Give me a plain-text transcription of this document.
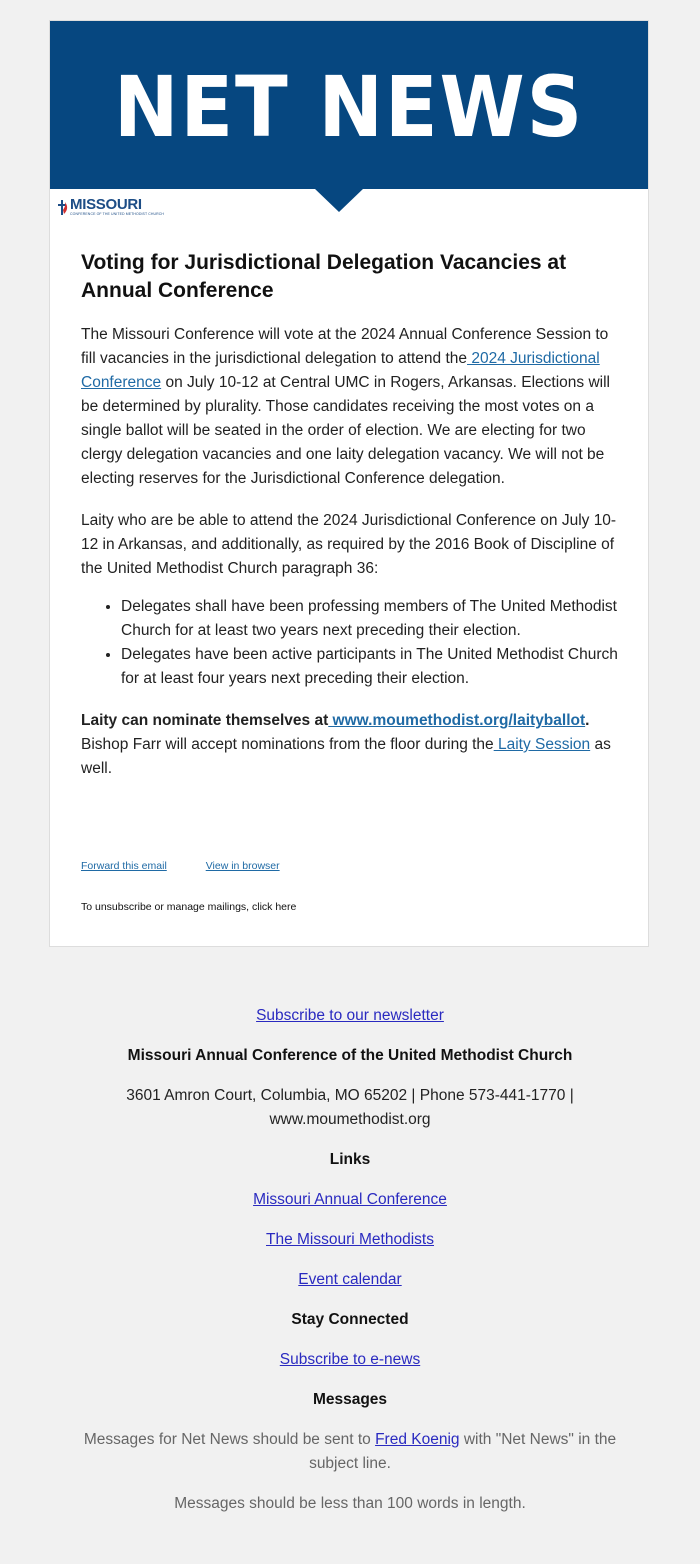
NET NEWS
MISSOURI
CONFERENCE OF THE UNITED METHODIST CHURCH
Voting for Jurisdictional Delegation Vacancies at Annual Conference

The Missouri Conference will vote at the 2024 Annual Conference Session to fill vacancies in the jurisdictional delegation to attend the 2024 Jurisdictional Conference on July 10-12 at Central UMC in Rogers, Arkansas. Elections will be determined by plurality. Those candidates receiving the most votes on a single ballot will be seated in the order of election. We are electing for two clergy delegation vacancies and one laity delegation vacancy. We will not be electing reserves for the Jurisdictional Conference delegation.

Laity who are be able to attend the 2024 Jurisdictional Conference on July 10-12 in Arkansas, and additionally, as required by the 2016 Book of Discipline of the United Methodist Church paragraph 36:

• Delegates shall have been professing members of The United Methodist Church for at least two years next preceding their election.
• Delegates have been active participants in The United Methodist Church for at least four years next preceding their election.

Laity can nominate themselves at www.moumethodist.org/laityballot. Bishop Farr will accept nominations from the floor during the Laity Session as well.

Forward this email	View in browser
To unsubscribe or manage mailings, click here

Subscribe to our newsletter

Missouri Annual Conference of the United Methodist Church

3601 Amron Court, Columbia, MO 65202 | Phone 573-441-1770 | www.moumethodist.org

Links

Missouri Annual Conference

The Missouri Methodists

Event calendar

Stay Connected

Subscribe to e-news

Messages

Messages for Net News should be sent to Fred Koenig with "Net News" in the subject line.

Messages should be less than 100 words in length.
